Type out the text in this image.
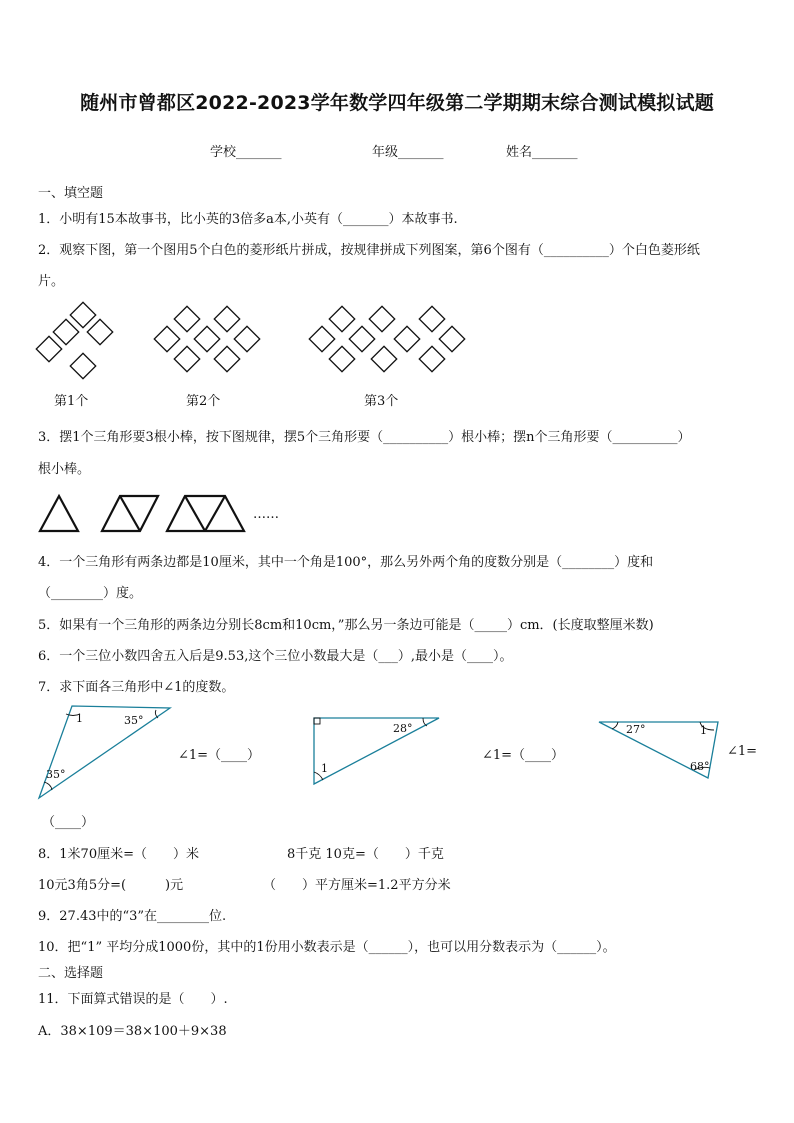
随州市曾都区2022-2023学年数学四年级第二学期期末综合测试模拟试题
学校_______	年级_______	姓名_______
一、填空题
1．小明有15本故事书，比小英的3倍多a本,小英有（_______）本故事书.
2．观察下图，第一个图用5个白色的菱形纸片拼成，按规律拼成下列图案，第6个图有（__________）个白色菱形纸
片。
第1个	第2个	第3个
3．摆1个三角形要3根小棒，按下图规律，摆5个三角形要（__________）根小棒；摆n个三角形要（__________）
根小棒。
……
4．一个三角形有两条边都是10厘米，其中一个角是100°，那么另外两个角的度数分别是（________）度和
（________）度。
5．如果有一个三角形的两条边分别长8cm和10cm，”那么另一条边可能是（_____）cm．(长度取整厘米数)
6．一个三位小数四舍五入后是9.53,这个三位小数最大是（___）,最小是（____）。
7．求下面各三角形中∠1的度数。
1	35°
35°
∠1=（____）
28°
1
∠1=（____）
27°	1
68°
∠1=
（____）
8．1米70厘米=（　　）米	8千克 10克=（　　）千克
10元3角5分=(　　　)元	（　　）平方厘米=1.2平方分米
9．27.43中的“3”在________位.
10．把“1” 平均分成1000份，其中的1份用小数表示是（______），也可以用分数表示为（______）。
二、选择题
11．下面算式错误的是（　　）.
A．38×109＝38×100＋9×38
